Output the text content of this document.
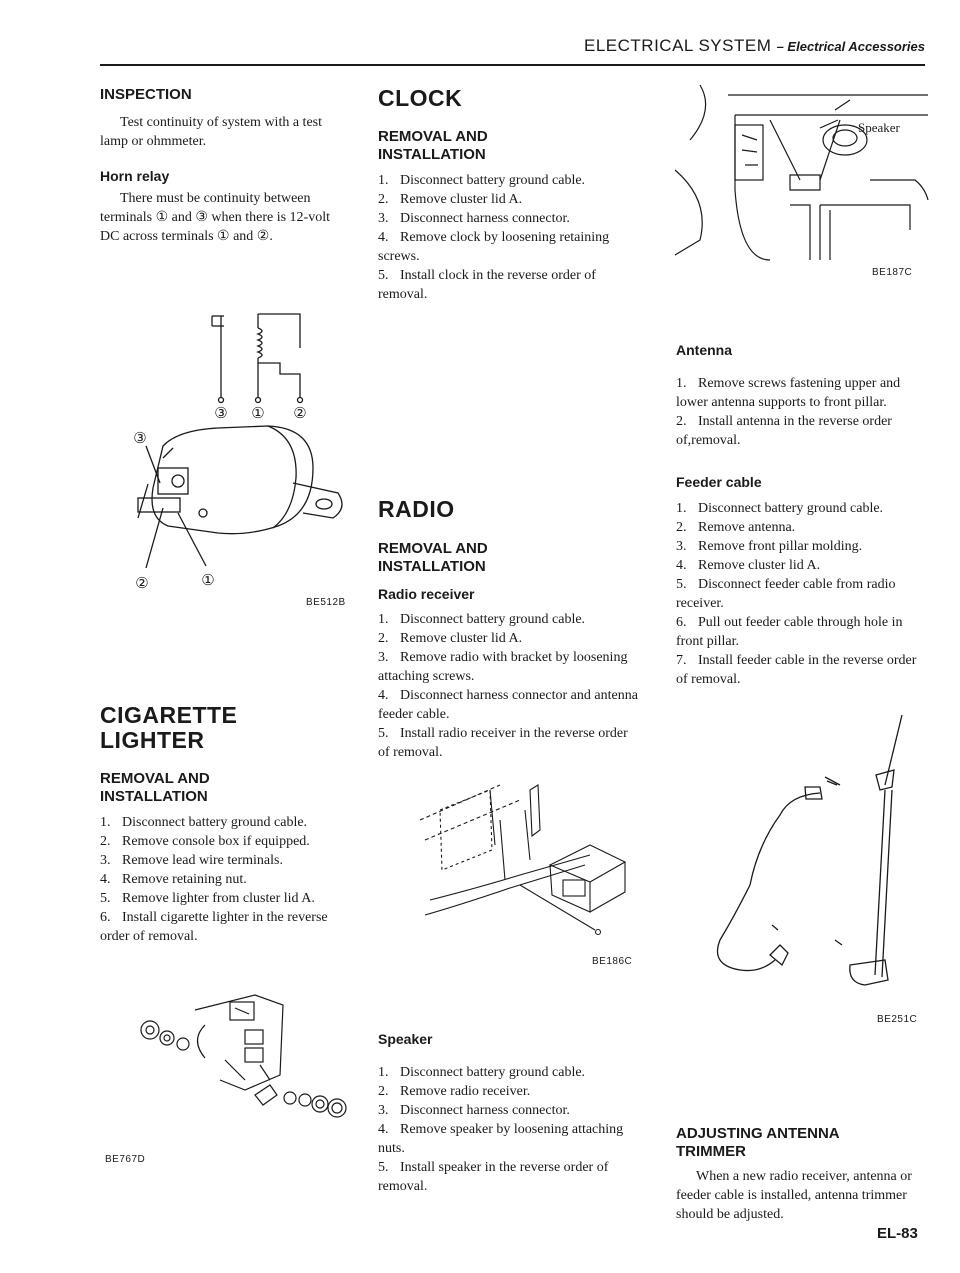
ELECTRICAL SYSTEM – Electrical Accessories
INSPECTION

Test continuity of system with a test lamp or ohmmeter.

Horn relay

There must be continuity between terminals ① and ③ when there is 12-volt DC across terminals ① and ②.

③ ① ②
③
②	①
BE512B
CIGARETTE
LIGHTER
REMOVAL AND
INSTALLATION
1. Disconnect battery ground cable.
2. Remove console box if equipped.
3. Remove lead wire terminals.
4. Remove retaining nut.
5. Remove lighter from cluster lid A.
6. Install cigarette lighter in the reverse order of removal.
BE767D
CLOCK
REMOVAL AND
INSTALLATION
1. Disconnect battery ground cable.
2. Remove cluster lid A.
3. Disconnect harness connector.
4. Remove clock by loosening retaining screws.
5. Install clock in the reverse order of removal.
RADIO
REMOVAL AND
INSTALLATION
Radio receiver
1. Disconnect battery ground cable.
2. Remove cluster lid A.
3. Remove radio with bracket by loosening attaching screws.
4. Disconnect harness connector and antenna feeder cable.
5. Install radio receiver in the reverse order of removal.
BE186C
Speaker
1. Disconnect battery ground cable.
2. Remove radio receiver.
3. Disconnect harness connector.
4. Remove speaker by loosening attaching nuts.
5. Install speaker in the reverse order of removal.
Speaker
BE187C
Antenna
1. Remove screws fastening upper and lower antenna supports to front pillar.
2. Install antenna in the reverse order of,removal.
Feeder cable
1. Disconnect battery ground cable.
2. Remove antenna.
3. Remove front pillar molding.
4. Remove cluster lid A.
5. Disconnect feeder cable from radio receiver.
6. Pull out feeder cable through hole in front pillar.
7. Install feeder cable in the reverse order of removal.
BE251C
ADJUSTING ANTENNA
TRIMMER

When a new radio receiver, antenna or feeder cable is installed, antenna trimmer should be adjusted.

EL-83
